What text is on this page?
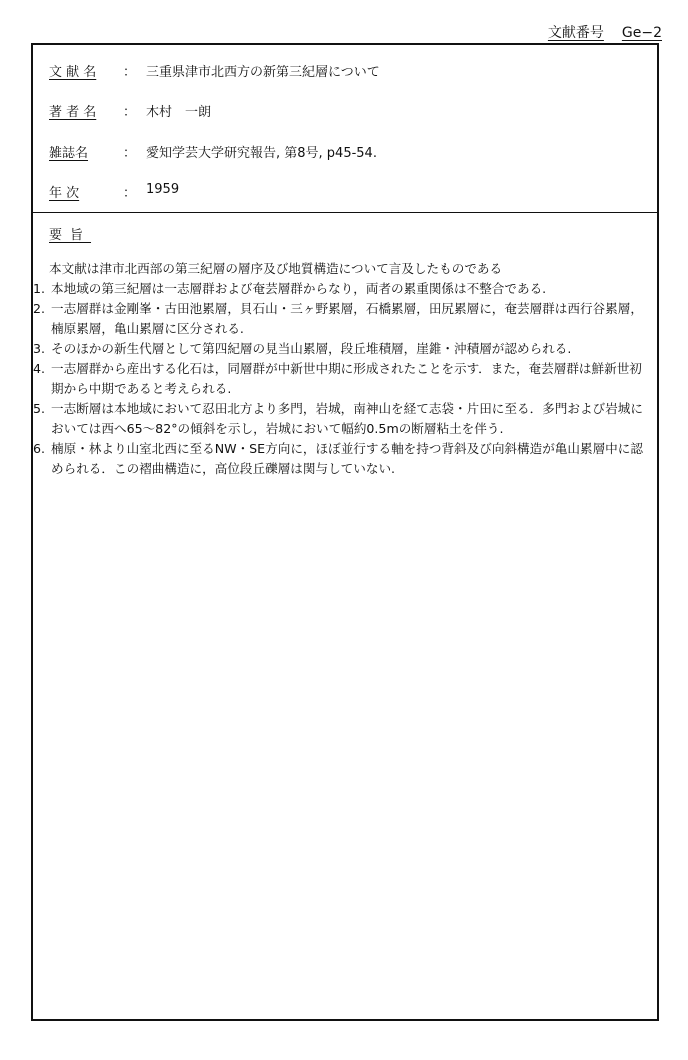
文献番号 Ge−2
文 献 名	： 三重県津市北西方の新第三紀層について
著 者 名	： 木村　一朗
雑誌名	： 愛知学芸大学研究報告, 第8号, p45-54.
年 次	： 1959
要旨
本文献は津市北西部の第三紀層の層序及び地質構造について言及したものである
1. 本地域の第三紀層は一志層群および奄芸層群からなり，両者の累重関係は不整合である.
2. 一志層群は金剛峯・古田池累層，貝石山・三ヶ野累層，石橋累層，田尻累層に，奄芸層群は西行谷累層，楠原累層，亀山累層に区分される.
3. そのほかの新生代層として第四紀層の見当山累層，段丘堆積層，崖錐・沖積層が認められる.
4. 一志層群から産出する化石は，同層群が中新世中期に形成されたことを示す．また，奄芸層群は鮮新世初期から中期であると考えられる.
5. 一志断層は本地域において忍田北方より多門，岩城，南神山を経て志袋・片田に至る．多門および岩城においては西へ65〜82°の傾斜を示し，岩城において幅約0.5mの断層粘土を伴う.
6. 楠原・林より山室北西に至るNW・SE方向に，ほぼ並行する軸を持つ背斜及び向斜構造が亀山累層中に認められる．この褶曲構造に，高位段丘礫層は関与していない.
